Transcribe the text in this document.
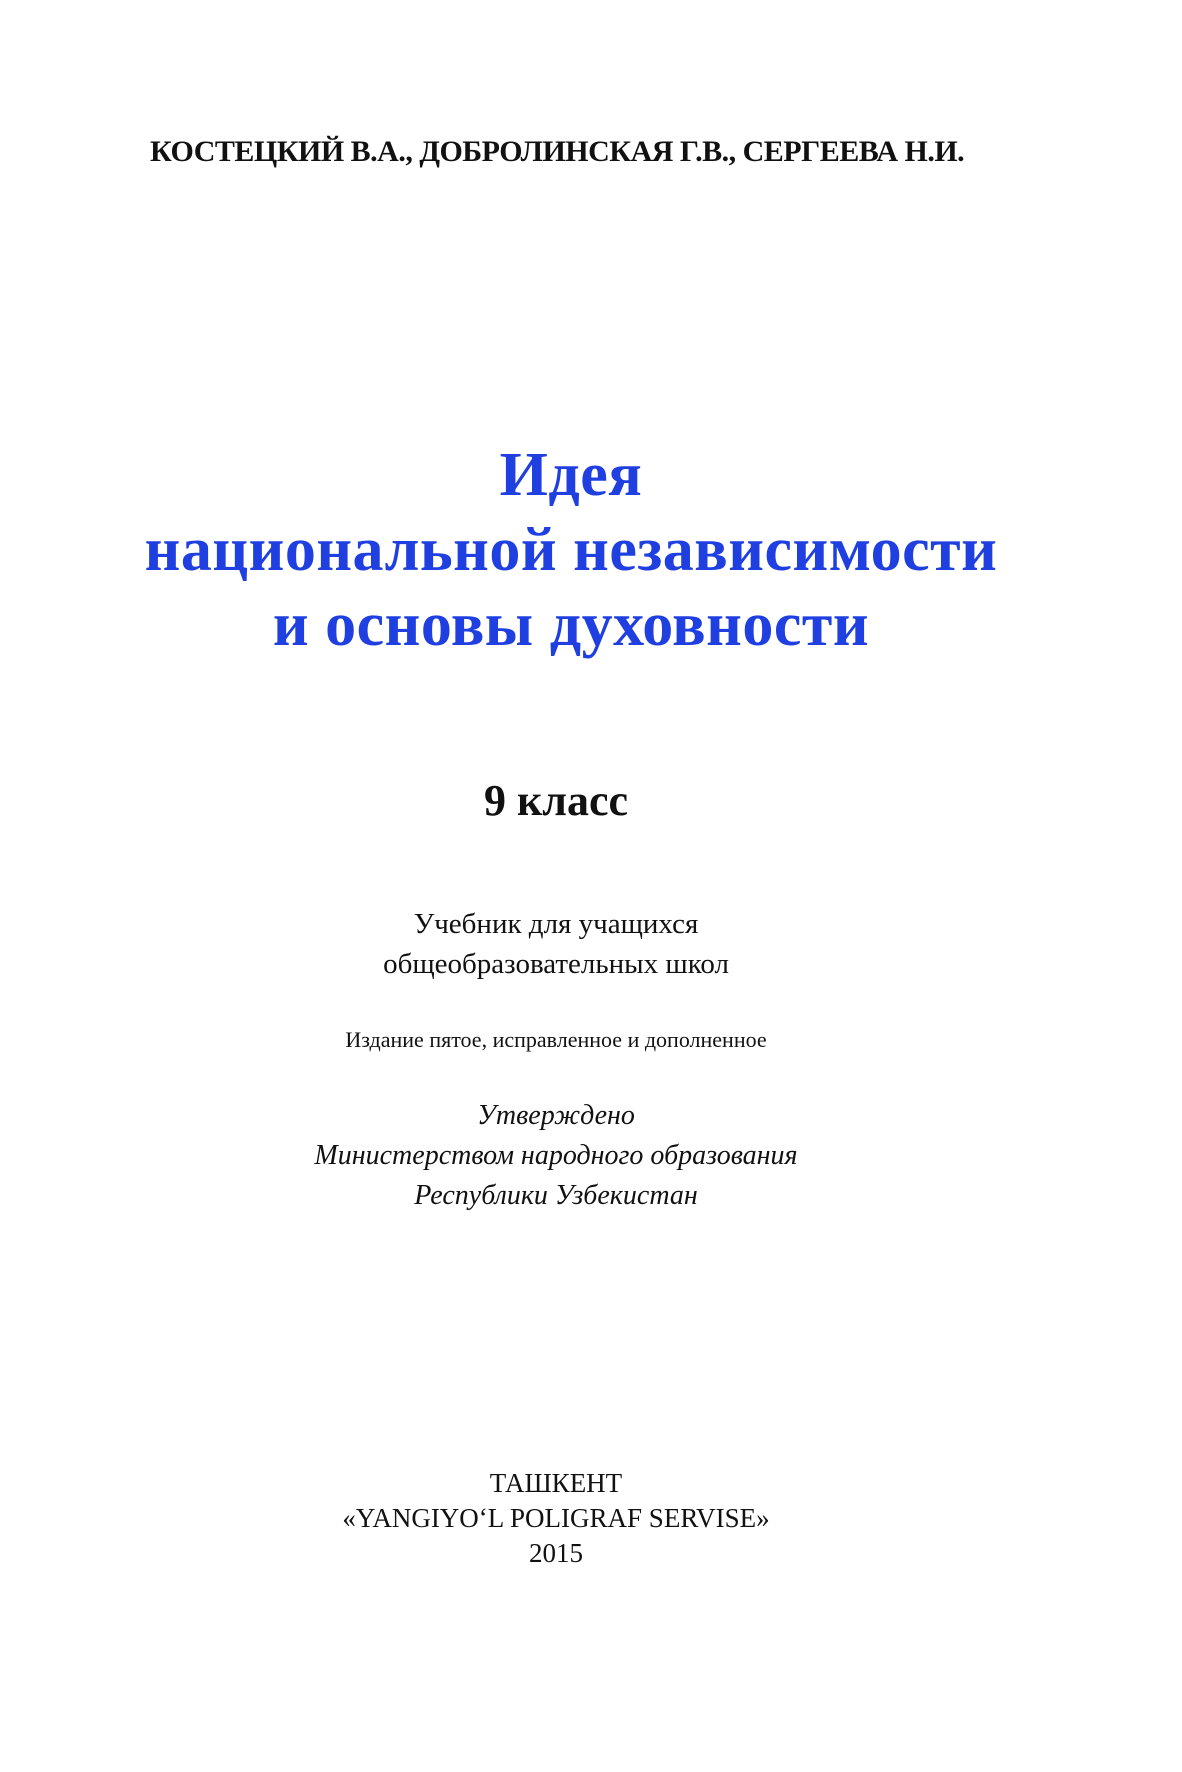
КОСТЕЦКИЙ В.А., ДОБРОЛИНСКАЯ Г.В., СЕРГЕЕВА Н.И.
Идея
национальной независимости
и основы духовности
9 класс
Учебник для учащихся
общеобразовательных школ
Издание пятое, исправленное и дополненное
Утверждено
Министерством народного образования
Республики Узбекистан
ТАШКЕНТ
«YANGIYO‘L POLIGRAF SERVISE»
2015
